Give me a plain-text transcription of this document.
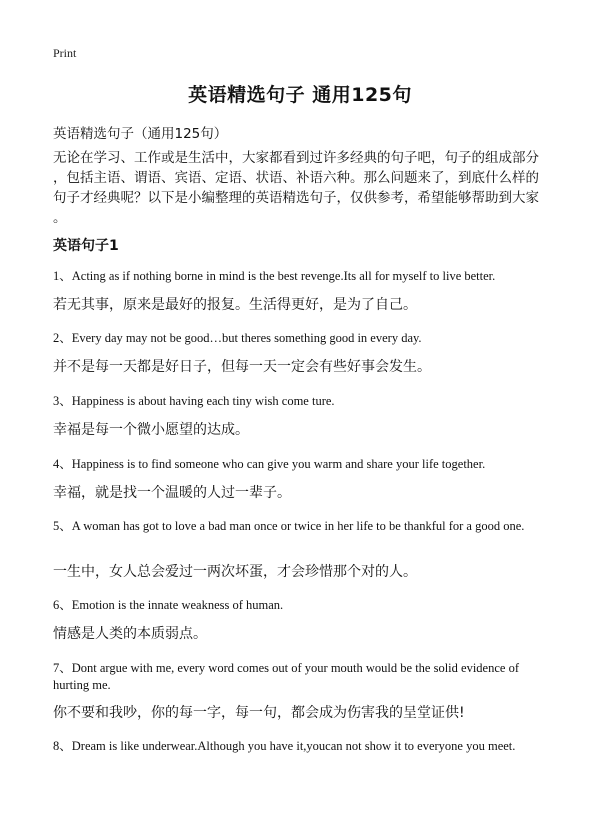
Print
英语精选句子 通用125句
英语精选句子（通用125句）
无论在学习、工作或是生活中，大家都看到过许多经典的句子吧，句子的组成部分
，包括主语、谓语、宾语、定语、状语、补语六种。那么问题来了，到底什么样的
句子才经典呢？以下是小编整理的英语精选句子，仅供参考，希望能够帮助到大家
。
英语句子1
1、Acting as if nothing borne in mind is the best revenge.Its all for myself to live better.
若无其事，原来是最好的报复。生活得更好，是为了自己。
2、Every day may not be good…but theres something good in every day.
并不是每一天都是好日子，但每一天一定会有些好事会发生。
3、Happiness is about having each tiny wish come ture.
幸福是每一个微小愿望的达成。
4、Happiness is to find someone who can give you warm and share your life together.
幸福，就是找一个温暖的人过一辈子。
5、A woman has got to love a bad man once or twice in her life to be thankful for a good one.
一生中，女人总会爱过一两次坏蛋，才会珍惜那个对的人。
6、Emotion is the innate weakness of human.
情感是人类的本质弱点。
7、Dont argue with me, every word comes out of your mouth would be the solid evidence of hurting me.
你不要和我吵，你的每一字，每一句，都会成为伤害我的呈堂证供!
8、Dream is like underwear.Although you have it,youcan not show it to everyone you meet.
